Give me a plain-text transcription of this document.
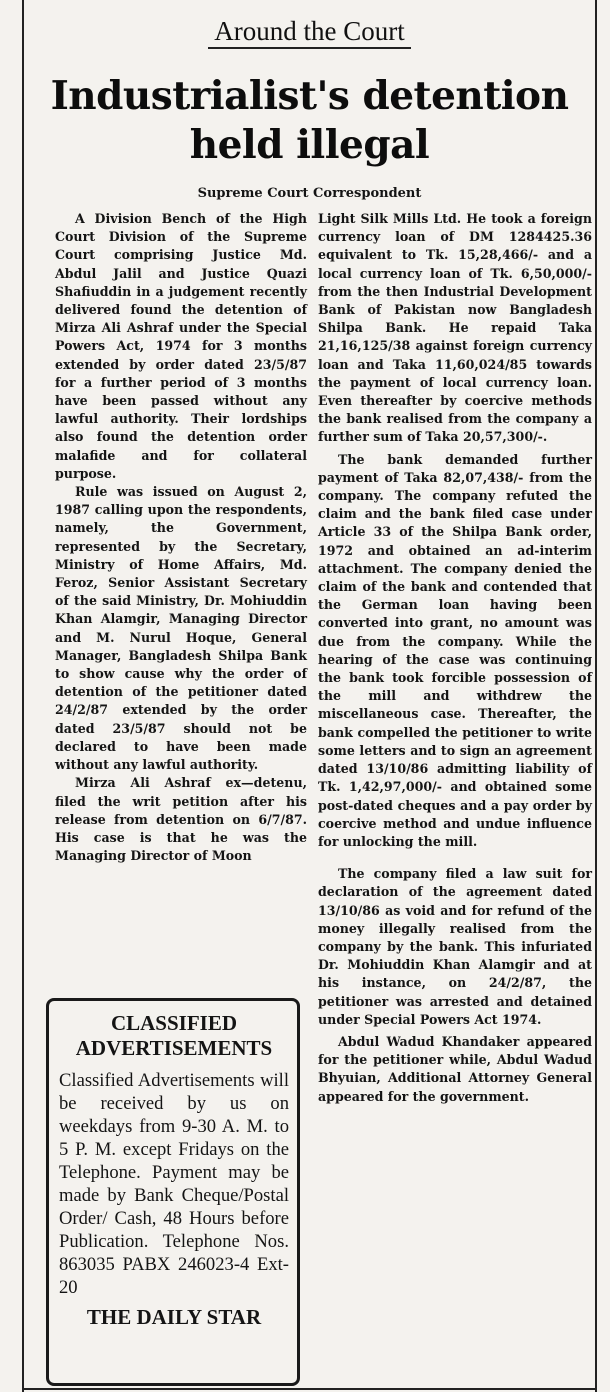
Around the Court
Industrialist's detention
held illegal
Supreme Court Correspondent

A Division Bench of the High Court Division of the Supreme Court comprising Justice Md. Abdul Jalil and Justice Quazi Shafiuddin in a judgement recently delivered found the detention of Mirza Ali Ashraf under the Special Powers Act, 1974 for 3 months extended by order dated 23/5/87 for a further period of 3 months have been passed without any lawful authority. Their lordships also found the detention order malafide and for collateral purpose.

Rule was issued on August 2, 1987 calling upon the respondents, namely, the Government, represented by the Secretary, Ministry of Home Affairs, Md. Feroz, Senior Assistant Secretary of the said Ministry, Dr. Mohiuddin Khan Alamgir, Managing Director and M. Nurul Hoque, General Manager, Bangladesh Shilpa Bank to show cause why the order of detention of the petitioner dated 24/2/87 extended by the order dated 23/5/87 should not be declared to have been made without any lawful authority.

Mirza Ali Ashraf ex—detenu, filed the writ petition after his release from detention on 6/7/87. His case is that he was the Managing Director of Moon

Light Silk Mills Ltd. He took a foreign currency loan of DM 1284425.36 equivalent to Tk. 15,28,466/- and a local currency loan of Tk. 6,50,000/- from the then Industrial Development Bank of Pakistan now Bangladesh Shilpa Bank. He repaid Taka 21,16,125/38 against foreign currency loan and Taka 11,60,024/85 towards the payment of local currency loan. Even thereafter by coercive methods the bank realised from the company a further sum of Taka 20,57,300/-.

The bank demanded further payment of Taka 82,07,438/- from the company. The company refuted the claim and the bank filed case under Article 33 of the Shilpa Bank order, 1972 and obtained an ad-interim attachment. The company denied the claim of the bank and contended that the German loan having been converted into grant, no amount was due from the company. While the hearing of the case was continuing the bank took forcible possession of the mill and withdrew the miscellaneous case. Thereafter, the bank compelled the petitioner to write some letters and to sign an agreement dated 13/10/86 admitting liability of Tk. 1,42,97,000/- and obtained some post-dated cheques and a pay order by coercive method and undue influence for unlocking the mill.

The company filed a law suit for declaration of the agreement dated 13/10/86 as void and for refund of the money illegally realised from the company by the bank. This infuriated Dr. Mohiuddin Khan Alamgir and at his instance, on 24/2/87, the petitioner was arrested and detained under Special Powers Act 1974.

Abdul Wadud Khandaker appeared for the petitioner while, Abdul Wadud Bhyuian, Additional Attorney General appeared for the government.

CLASSIFIED ADVERTISEMENTS
Classified Advertisements will be received by us on weekdays from 9-30 A. M. to 5 P. M. except Fridays on the Telephone. Payment may be made by Bank Cheque/Postal Order/ Cash, 48 Hours before Publication. Telephone Nos. 863035 PABX 246023-4 Ext-20
THE DAILY STAR
